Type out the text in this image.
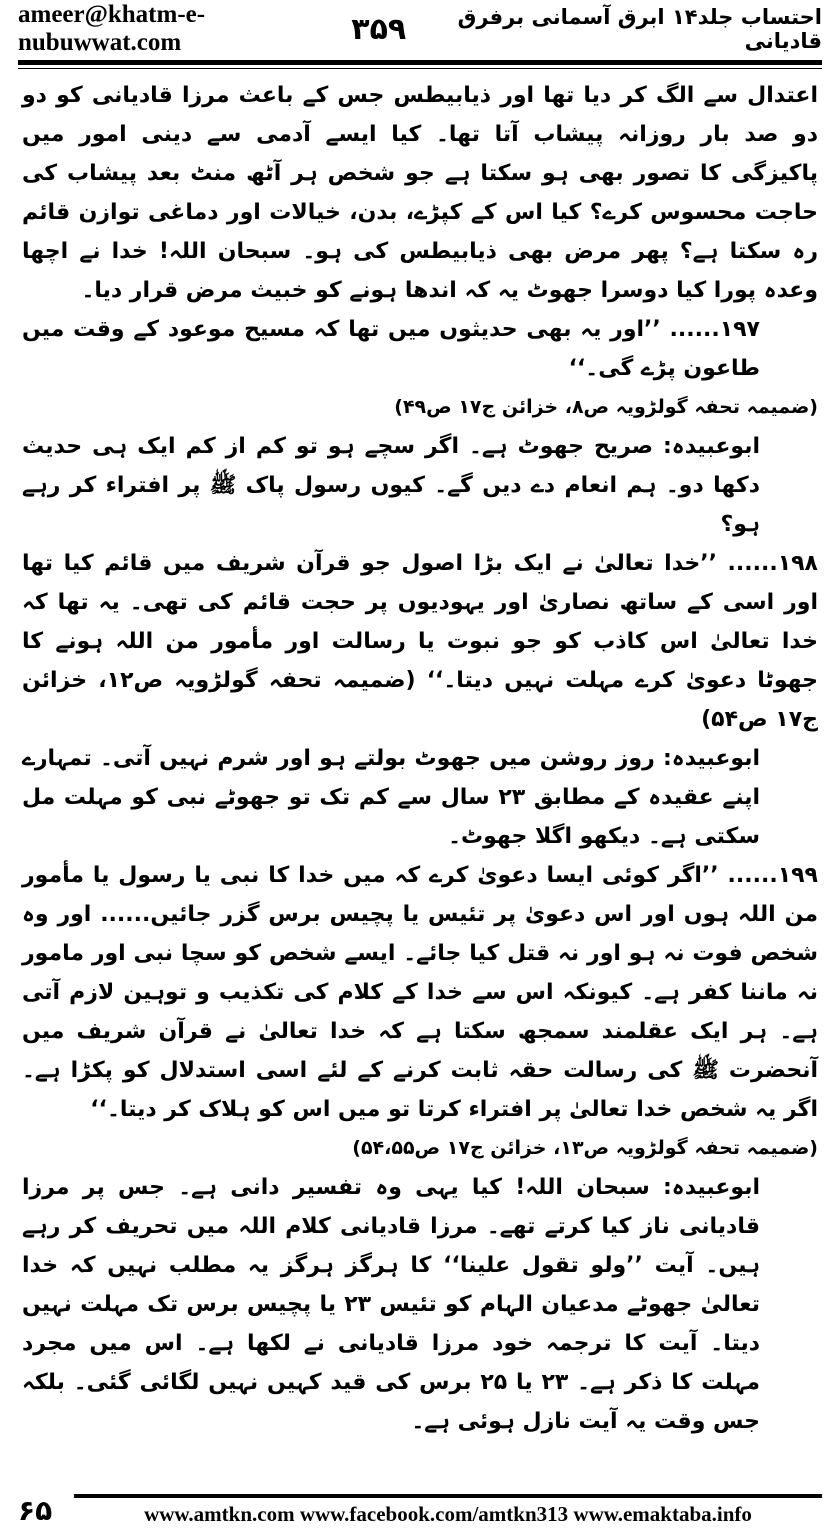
ameer@khatm-e-nubuwwat.com	۳۵۹	احتساب جلد۱۴ ابرق آسمانی برفرق قادیانی

اعتدال سے الگ کر دیا تھا اور ذیابیطس جس کے باعث مرزا قادیانی کو دو دو صد بار روزانہ پیشاب آتا تھا۔ کیا ایسے آدمی سے دینی امور میں پاکیزگی کا تصور بھی ہو سکتا ہے جو شخص ہر آٹھ منٹ بعد پیشاب کی حاجت محسوس کرے؟ کیا اس کے کپڑے، بدن، خیالات اور دماغی توازن قائم رہ سکتا ہے؟ پھر مرض بھی ذیابیطس کی ہو۔ سبحان اللہ! خدا نے اچھا وعدہ پورا کیا دوسرا جھوٹ یہ کہ اندھا ہونے کو خبیث مرض قرار دیا۔

۱۹۷...... ’’اور یہ بھی حدیثوں میں تھا کہ مسیح موعود کے وقت میں طاعون پڑے گی۔‘‘

(ضمیمہ تحفہ گولڑویہ ص۸، خزائن ج۱۷ ص۴۹)

ابوعبیدہ: صریح جھوٹ ہے۔ اگر سچے ہو تو کم از کم ایک ہی حدیث دکھا دو۔ ہم انعام دے دیں گے۔ کیوں رسول پاک ﷺ پر افتراء کر رہے ہو؟

۱۹۸...... ’’خدا تعالیٰ نے ایک بڑا اصول جو قرآن شریف میں قائم کیا تھا اور اسی کے ساتھ نصاریٰ اور یہودیوں پر حجت قائم کی تھی۔ یہ تھا کہ خدا تعالیٰ اس کاذب کو جو نبوت یا رسالت اور مأمور من اللہ ہونے کا جھوٹا دعویٰ کرے مہلت نہیں دیتا۔‘‘ (ضمیمہ تحفہ گولڑویہ ص۱۲، خزائن ج۱۷ ص۵۴)

ابوعبیدہ: روز روشن میں جھوٹ بولتے ہو اور شرم نہیں آتی۔ تمہارے اپنے عقیدہ کے مطابق ۲۳ سال سے کم تک تو جھوٹے نبی کو مہلت مل سکتی ہے۔ دیکھو اگلا جھوٹ۔

۱۹۹...... ’’اگر کوئی ایسا دعویٰ کرے کہ میں خدا کا نبی یا رسول یا مأمور من اللہ ہوں اور اس دعویٰ پر تئیس یا پچیس برس گزر جائیں...... اور وہ شخص فوت نہ ہو اور نہ قتل کیا جائے۔ ایسے شخص کو سچا نبی اور مامور نہ ماننا کفر ہے۔ کیونکہ اس سے خدا کے کلام کی تکذیب و توہین لازم آتی ہے۔ ہر ایک عقلمند سمجھ سکتا ہے کہ خدا تعالیٰ نے قرآن شریف میں آنحضرت ﷺ کی رسالت حقہ ثابت کرنے کے لئے اسی استدلال کو پکڑا ہے۔ اگر یہ شخص خدا تعالیٰ پر افتراء کرتا تو میں اس کو ہلاک کر دیتا۔‘‘

(ضمیمہ تحفہ گولڑویہ ص۱۳، خزائن ج۱۷ ص۵۴،۵۵)

ابوعبیدہ: سبحان اللہ! کیا یہی وہ تفسیر دانی ہے۔ جس پر مرزا قادیانی ناز کیا کرتے تھے۔ مرزا قادیانی کلام اللہ میں تحریف کر رہے ہیں۔ آیت ’’ولو تقول علینا‘‘ کا ہرگز ہرگز یہ مطلب نہیں کہ خدا تعالیٰ جھوٹے مدعیان الہام کو تئیس ۲۳ یا پچیس برس تک مہلت نہیں دیتا۔ آیت کا ترجمہ خود مرزا قادیانی نے لکھا ہے۔ اس میں مجرد مہلت کا ذکر ہے۔ ۲۳ یا ۲۵ برس کی قید کہیں نہیں لگائی گئی۔ بلکہ جس وقت یہ آیت نازل ہوئی ہے۔

۶۵	www.amtkn.com www.facebook.com/amtkn313 www.emaktaba.info
